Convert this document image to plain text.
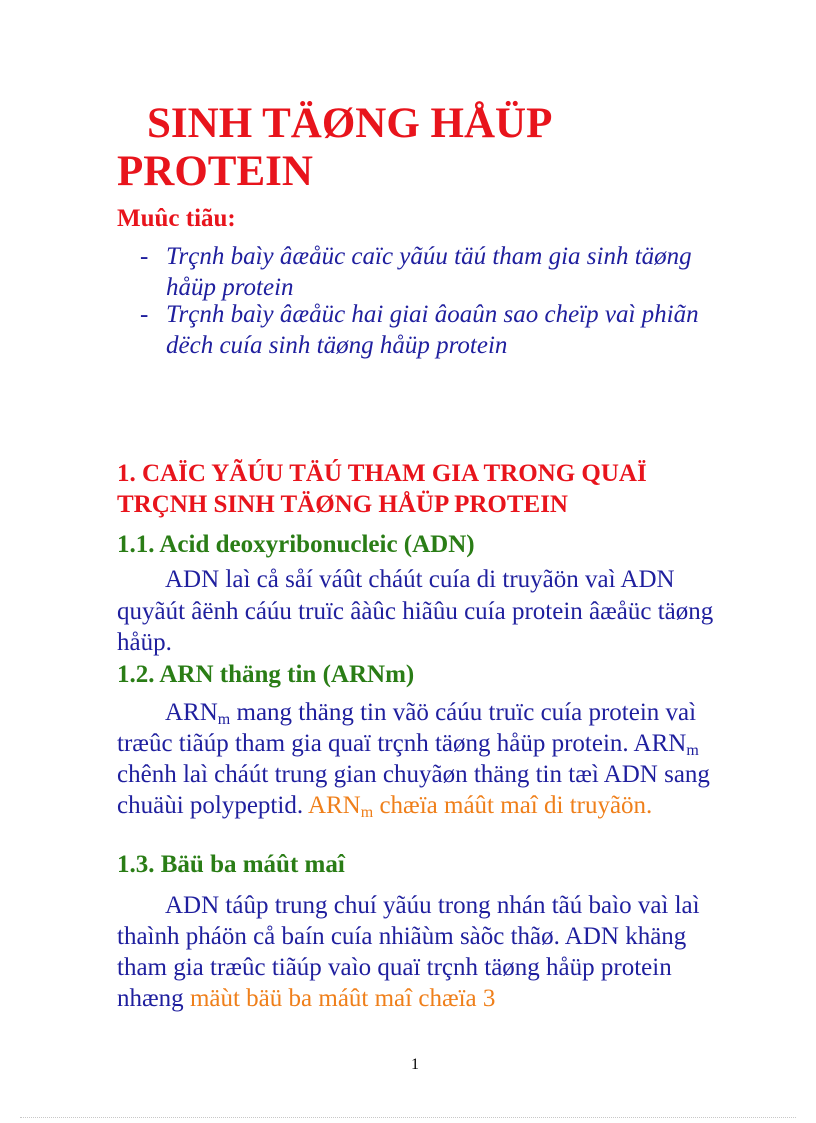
SINH TÄØNG HÅÜP
PROTEIN
Muûc tiãu:
- Trçnh baìy âæåüc caïc yãúu täú tham gia sinh täøng håüp protein
- Trçnh baìy âæåüc hai giai âoaûn sao cheïp vaì phiãn dëch cuía sinh täøng håüp protein
1. CAÏC YÃÚU TÄÚ THAM GIA TRONG QUAÏ TRÇNH SINH TÄØNG HÅÜP PROTEIN
1.1. Acid deoxyribonucleic (ADN)

ADN laì cå såí váût cháút cuía di truyãön vaì ADN quyãút âënh cáúu truïc âàûc hiãûu cuía protein âæåüc täøng håüp.

1.2. ARN thäng tin (ARNm)

$ARN_m$ mang thäng tin vãö cáúu truïc cuía protein vaì træûc tiãúp tham gia quaï trçnh täøng håüp protein. $ARN_m$ chênh laì cháút trung gian chuyãøn thäng tin tæì ADN sang chuäùi polypeptid. $ARN_m$ chæïa máût maî di truyãön.

1.3. Bäü ba máût maî

ADN táûp trung chuí yãúu trong nhán tãú baìo vaì laì thaình pháön cå baín cuía nhiãùm sàõc thãø. ADN khäng tham gia træûc tiãúp vaìo quaï trçnh täøng håüp protein nhæng mäùt bäü ba máût maî chæïa 3

1
